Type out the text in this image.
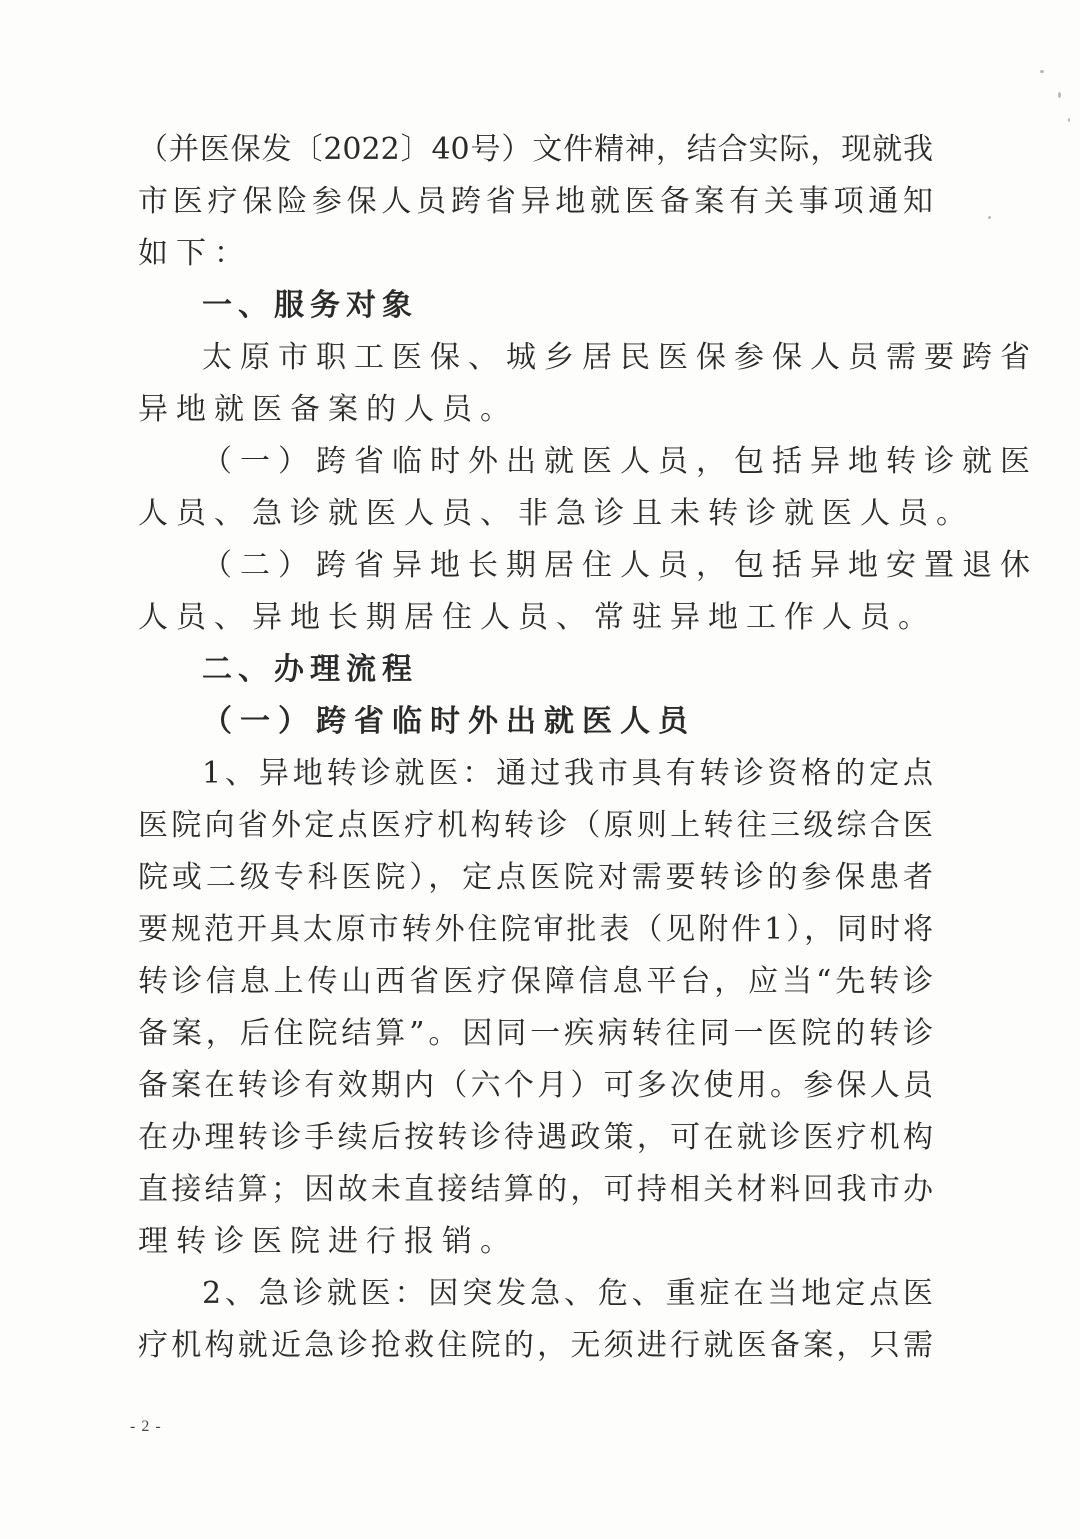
（并医保发〔2022〕40号）文件精神，结合实际，现就我
市医疗保险参保人员跨省异地就医备案有关事项通知
如下：
一、服务对象
太原市职工医保、城乡居民医保参保人员需要跨省
异地就医备案的人员。
（一）跨省临时外出就医人员，包括异地转诊就医
人员、急诊就医人员、非急诊且未转诊就医人员。
（二）跨省异地长期居住人员，包括异地安置退休
人员、异地长期居住人员、常驻异地工作人员。
二、办理流程
（一）跨省临时外出就医人员
1、异地转诊就医：通过我市具有转诊资格的定点
医院向省外定点医疗机构转诊（原则上转往三级综合医
院或二级专科医院），定点医院对需要转诊的参保患者
要规范开具太原市转外住院审批表（见附件1），同时将
转诊信息上传山西省医疗保障信息平台，应当“先转诊
备案，后住院结算”。因同一疾病转往同一医院的转诊
备案在转诊有效期内（六个月）可多次使用。参保人员
在办理转诊手续后按转诊待遇政策，可在就诊医疗机构
直接结算；因故未直接结算的，可持相关材料回我市办
理转诊医院进行报销。
2、急诊就医：因突发急、危、重症在当地定点医
疗机构就近急诊抢救住院的，无须进行就医备案，只需
- 2 -
